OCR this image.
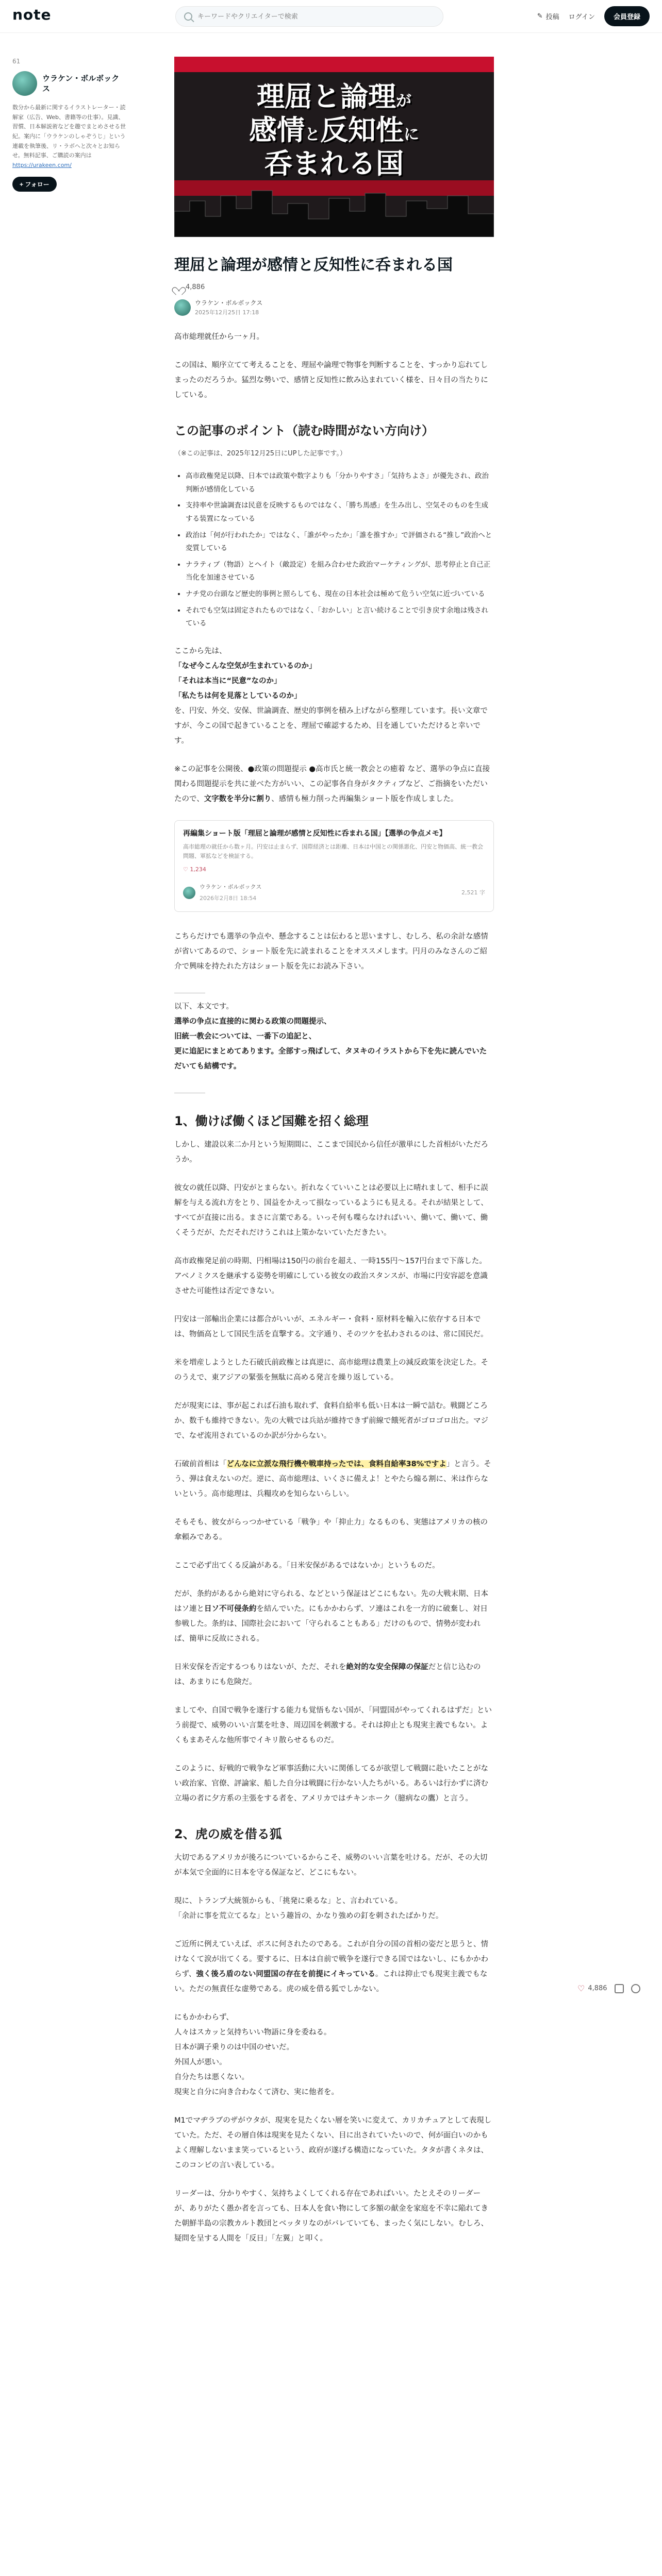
note
キーワードやクリエイターで検索	✎ 投稿 ログイン	会員登録
61
ウラケン・ボルボックス
数分から最新に関するイラストレーター・読解家（広告、Web、書籍等の仕事）。見識、習慣、日本解説術などを趣でまとめさせる世紀。案内に「ウラケンのしゃぞうじ」という連載を執筆後、リ・ラボへと次々とお知らせ。無料記事、ご購読の案内は https://urakeen.com/
+ フォロー
理屈と論理が
感情と反知性に
呑まれる国
理屈と論理が感情と反知性に呑まれる国
4,886
ウラケン・ボルボックス
2025年12月25日 17:18

高市総理就任から一ヶ月。

この国は、順序立てて考えることを、理屈や論理で物事を判断することを、すっかり忘れてしまったのだろうか。猛烈な勢いで、感情と反知性に飲み込まれていく様を、日々目の当たりにしている。

この記事のポイント（読む時間がない方向け）
（※この記事は、2025年12月25日にUPした記事です。）
• 高市政権発足以降、日本では政策や数字よりも「分かりやすさ」「気持ちよさ」が優先され、政治判断が感情化している
• 支持率や世論調査は民意を反映するものではなく、「勝ち馬感」を生み出し、空気そのものを生成する装置になっている
• 政治は「何が行われたか」ではなく、「誰がやったか」「誰を推すか」で評価される“推し”政治へと変質している
• ナラティブ（物語）とヘイト（敵設定）を組み合わせた政治マーケティングが、思考停止と自己正当化を加速させている
• ナチ党の台頭など歴史的事例と照らしても、現在の日本社会は極めて危うい空気に近づいている
• それでも空気は固定されたものではなく、「おかしい」と言い続けることで引き戻す余地は残されている

ここから先は、
「なぜ今こんな空気が生まれているのか」
「それは本当に“民意”なのか」
「私たちは何を見落としているのか」
を、円安、外交、安保、世論調査、歴史的事例を積み上げながら整理しています。長い文章ですが、今この国で起きていることを、理屈で確認するため、目を通していただけると幸いです。

※この記事を公開後、●政策の問題提示 ●高市氏と統一教会との癒着 など、選挙の争点に直接関わる問題提示を共に並べた方がいい、この記事各自身がタクティブなど、ご指摘をいただいたので、文字数を半分に割り、感情も極力削った再編集ショート版を作成しました。

再編集ショート版「理屈と論理が感情と反知性に呑まれる国」【選挙の争点メモ】
高市総理の就任から数ヶ月。円安は止まらず、国際経済とは距離、日本は中国との関係悪化、円安と物価高、統一教会問題、軍拡などを検証する。
♡ 1,234
ウラケン・ボルボックス
2026年2月8日 18:54
2,521 字

こちらだけでも選挙の争点や、懸念することは伝わると思いますし、むしろ、私の余計な感情が省いてあるので、ショート版を先に読まれることをオススメします。円月のみなさんのご紹介で興味を持たれた方はショート版を先にお読み下さい。

以下、本文です。
選挙の争点に直接的に関わる政策の問題提示、
旧統一教会については、一番下の追記と、
更に追記にまとめてあります。全部すっ飛ばして、タヌキのイラストから下を先に読んでいただいても結構です。

1、働けば働くほど国難を招く総理

しかし、建設以来二か月という短期間に、ここまで国民から信任が激単にした首相がいただろうか。

彼女の就任以降、円安がとまらない。折れなくていいことは必要以上に晴れまして、相手に誤解を与える流れ方をとり、国益をかえって損なっているようにも見える。それが結果として、すべてが直接に出る。まさに言葉である。いっそ何も喋らなければいい、働いて、働いて、働くそうだが、ただそれだけうこれは上策かないていただきたい。

高市政権発足前の時期、円相場は150円の前台を超え、一時155円〜157円台まで下落した。アベノミクスを継承する姿勢を明確にしている彼女の政治スタンスが、市場に円安容認を意識させた可能性は否定できない。

円安は一部輸出企業には都合がいいが、エネルギー・食料・原材料を輸入に依存する日本では、物価高として国民生活を直撃する。文字通り、そのツケを払わされるのは、常に国民だ。

米を増産しようとした石破氏前政権とは真逆に、高市総理は農業上の減反政策を決定した。そのうえで、東アジアの緊張を無駄に高める発言を繰り返している。

だが現実には、事が起これば石油も取れず、食料自給率も低い日本は一瞬で詰む。戦闘どころか、数千も維持できない。先の大戦では兵站が維持できず前線で餓死者がゴロゴロ出た。マジで、なぜ流用されているのか訳が分からない。

石破前首相は「どんなに立派な飛行機や戦車持ったでは、食料自給率38%ですよ」と言う。そう、弾は食えないのだ。逆に、高市総理は、いくさに備えよ！とやたら煽る割に、米は作らないという。高市総理は、兵糧攻めを知らないらしい。

そもそも、彼女がらっつかせている「戦争」や「抑止力」なるものも、実態はアメリカの核の傘頼みである。

ここで必ず出てくる反論がある。「日米安保があるではないか」というものだ。

だが、条約があるから絶対に守られる、などという保証はどこにもない。先の大戦末期、日本はソ連と日ソ不可侵条約を結んでいた。にもかかわらず、ソ連はこれを一方的に破棄し、対日参戦した。条約は、国際社会において「守られることもある」だけのもので、情勢が変われば、簡単に反故にされる。

日米安保を否定するつもりはないが、ただ、それを絶対的な安全保障の保証だと信じ込むのは、あまりにも危険だ。

ましてや、自国で戦争を遂行する能力も覚悟もない国が、「同盟国がやってくれるはずだ」という前提で、威勢のいい言葉を吐き、周辺国を刺激する。それは抑止とも現実主義でもない。よくもまあそんな他所事でイキリ散らせるものだ。

このように、好戦的で戦争など軍事活動に大いに関係してるが欲望して戦闘に赴いたことがない政治家、官僚、評論家、船した自分は戦闘に行かない人たちがいる。あるいは行かずに済む立場の者に夕方系の主張をする者を、アメリカではチキンホーク（臆病なの鷹）と言う。

2、虎の威を借る狐

大切であるアメリカが後ろについているからこそ、威勢のいい言葉を吐ける。だが、その大切が本気で全面的に日本を守る保証など、どこにもない。

現に、トランプ大統領からも、「挑発に乗るな」と、言われている。
「余計に事を荒立てるな」という趣旨の、かなり強めの釘を刺されたばかりだ。

ご近所に例えていえば、ボスに何されたのである。これが自分の国の首相の姿だと思うと、情けなくて涙が出てくる。要するに、日本は自前で戦争を遂行できる国ではないし、にもかかわらず、強く後ろ盾のない同盟国の存在を前提にイキっている。これは抑止でも現実主義でもない。ただの無責任な虚勢である。虎の威を借る狐でしかない。

にもかかわらず、
人々はスカッと気持ちいい物語に身を委ねる。
日本が調子乗りのは中国のせいだ。
外国人が悪い。
自分たちは悪くない。
現実と自分に向き合わなくて済む、実に他者を。

M1でマヂラブのザがウタが、現実を見たくない層を笑いに変えて、カリカチュアとして表現していた。ただ、その層自体は現実を見たくない、目に出されていたいので、何が面白いのかもよく理解しないまま笑っているという、政府が遂げる構造になっていた。タタが書くネタは、このコンビの言い表している。

リーダーは、分かりやすく、気持ちよくしてくれる存在であればいい。たとえそのリーダーが、ありがたく愚か者を言っても、日本人を食い物にして多額の献金を家庭を不幸に陥れてきた朝鮮半島の宗教カルト教団とベッタリなのがバレていても、まったく気にしない。むしろ、疑問を呈する人間を「反日」「左翼」と叩く。

♡ 4,886
